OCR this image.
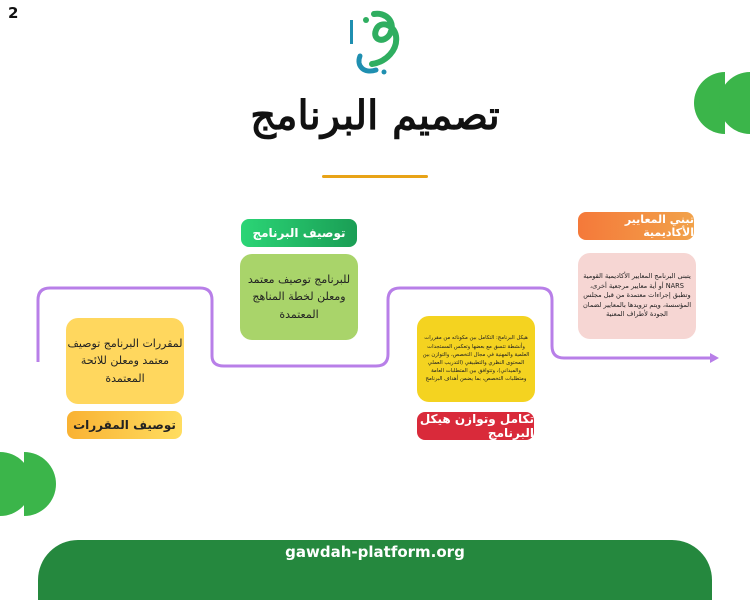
2
تصميم البرنامج
لمقررات البرنامج توصيف معتمد ومعلن للائحة المعتمدة
توصيف المقررات
توصيف البرنامج
للبرنامج توصيف معتمد ومعلن لخطة المناهج المعتمدة
هيكل البرنامج: التكامل بين مكوناته من مقررات وأنشطة تتسق مع بعضها وتعكس المستجدات العلمية والمهنية في مجال التخصص، والتوازن بين المحتوى النظري والتطبيقي (التدريب العملي والميداني)، وتتوافق بين المتطلبات العامة ومتطلبات التخصص، بما يضمن أهداف البرنامج
تكامل وتوازن هيكل البرنامج
تبني المعايير الأكاديمية
يتبنى البرنامج المعايير الأكاديمية القومية NARS أو أية معايير مرجعية أخرى، وتطبق إجراءات معتمدة من قبل مجلس المؤسسة، ويتم تزويدها بالمعايير لضمان الجودة لأطراف المعنية
gawdah-platform.org
